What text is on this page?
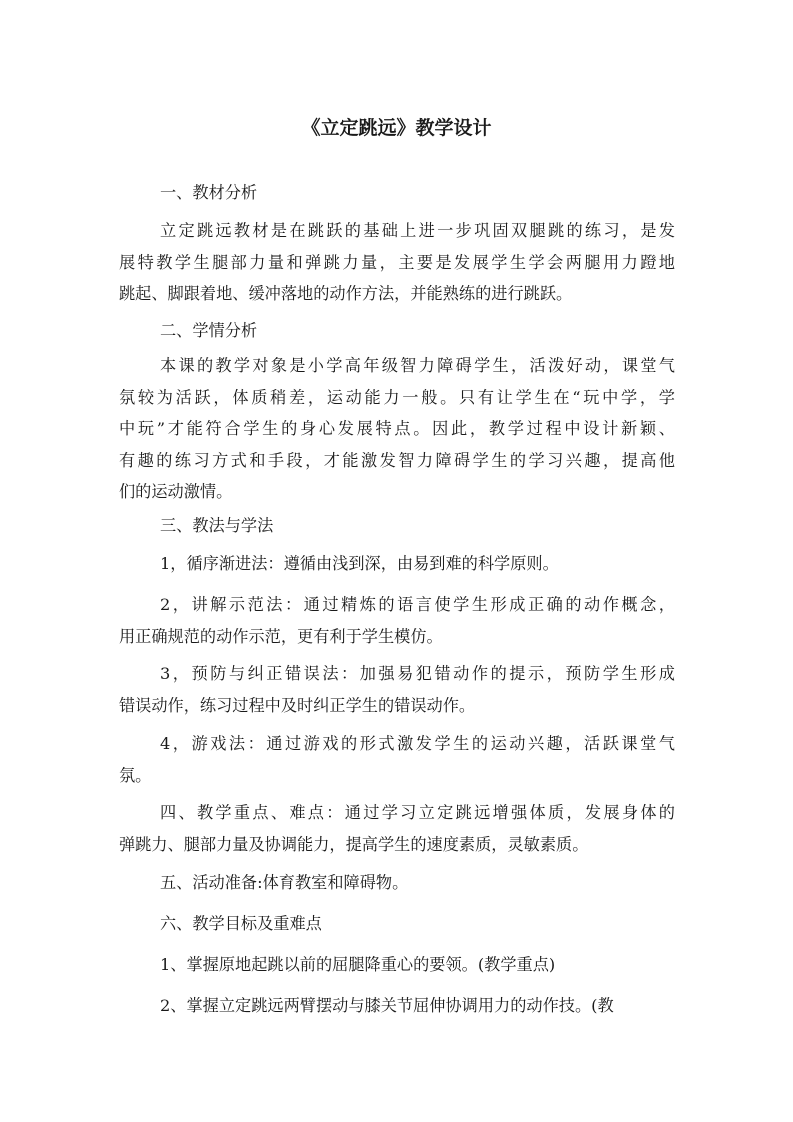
《立定跳远》教学设计
一、教材分析
立定跳远教材是在跳跃的基础上进一步巩固双腿跳的练习，是发
展特教学生腿部力量和弹跳力量，主要是发展学生学会两腿用力蹬地
跳起、脚跟着地、缓冲落地的动作方法，并能熟练的进行跳跃。
二、学情分析
本课的教学对象是小学高年级智力障碍学生，活泼好动，课堂气
氛较为活跃，体质稍差，运动能力一般。只有让学生在“玩中学，学
中玩”才能符合学生的身心发展特点。因此，教学过程中设计新颖、
有趣的练习方式和手段，才能激发智力障碍学生的学习兴趣，提高他
们的运动激情。
三、教法与学法
1，循序渐进法：遵循由浅到深，由易到难的科学原则。
2，讲解示范法：通过精炼的语言使学生形成正确的动作概念，
用正确规范的动作示范，更有利于学生模仿。
3，预防与纠正错误法：加强易犯错动作的提示，预防学生形成
错误动作，练习过程中及时纠正学生的错误动作。
4，游戏法：通过游戏的形式激发学生的运动兴趣，活跃课堂气
氛。
四、教学重点、难点：通过学习立定跳远增强体质，发展身体的
弹跳力、腿部力量及协调能力，提高学生的速度素质，灵敏素质。
五、活动准备:体育教室和障碍物。
六、教学目标及重难点
1、掌握原地起跳以前的屈腿降重心的要领。(教学重点)
2、掌握立定跳远两臂摆动与膝关节屈伸协调用力的动作技。(教
